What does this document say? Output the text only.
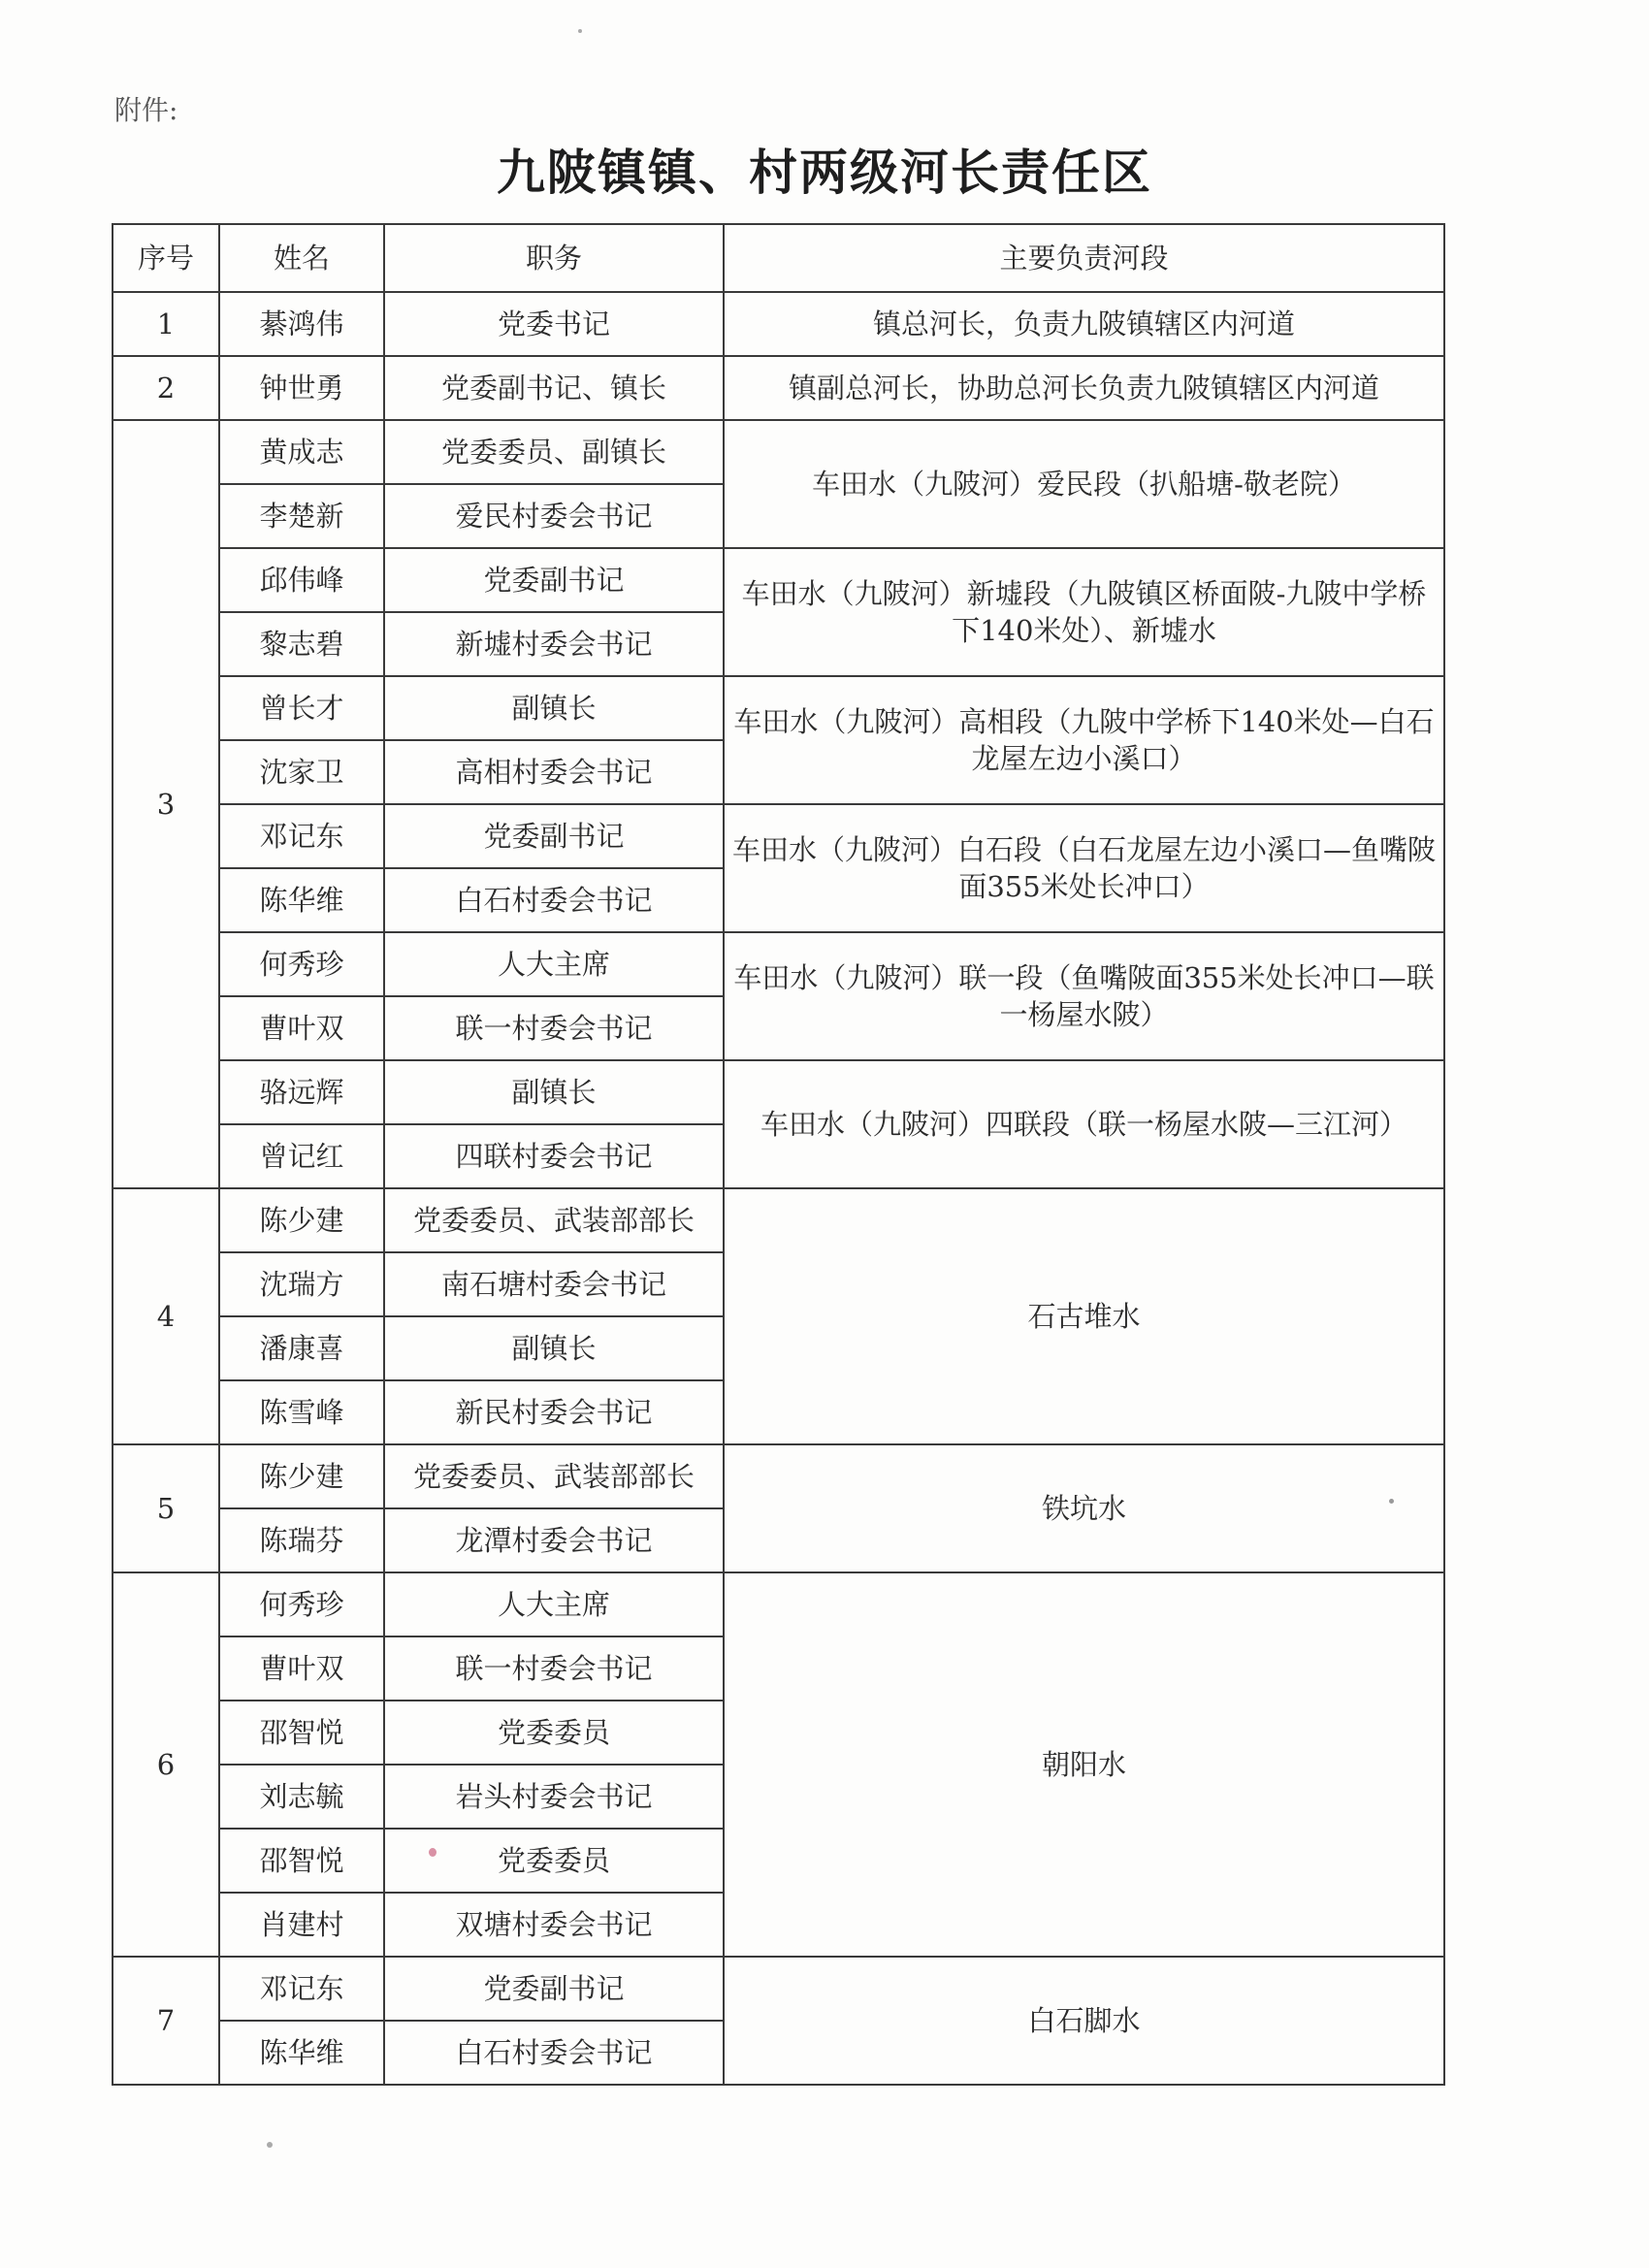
附件:
九陂镇镇、村两级河长责任区
序号	姓名	职务	主要负责河段
1	綦鸿伟	党委书记	镇总河长，负责九陂镇辖区内河道
2	钟世勇	党委副书记、镇长	镇副总河长，协助总河长负责九陂镇辖区内河道
3	黄成志	党委委员、副镇长	车田水（九陂河）爱民段（扒船塘-敬老院）
	李楚新	爱民村委会书记	
	邱伟峰	党委副书记	车田水（九陂河）新墟段（九陂镇区桥面陂-九陂中学桥下140米处）、新墟水
	黎志碧	新墟村委会书记	
	曾长才	副镇长	车田水（九陂河）高相段（九陂中学桥下140米处—白石龙屋左边小溪口）
	沈家卫	高相村委会书记	
	邓记东	党委副书记	车田水（九陂河）白石段（白石龙屋左边小溪口—鱼嘴陂面355米处长冲口）
	陈华维	白石村委会书记	
	何秀珍	人大主席	车田水（九陂河）联一段（鱼嘴陂面355米处长冲口—联一杨屋水陂）
	曹叶双	联一村委会书记	
	骆远辉	副镇长	车田水（九陂河）四联段（联一杨屋水陂—三江河）
	曾记红	四联村委会书记	
4	陈少建	党委委员、武装部部长	石古堆水
	沈瑞方	南石塘村委会书记	
	潘康喜	副镇长	
	陈雪峰	新民村委会书记	
5	陈少建	党委委员、武装部部长	铁坑水
	陈瑞芬	龙潭村委会书记	
6	何秀珍	人大主席	朝阳水
	曹叶双	联一村委会书记	
	邵智悦	党委委员	
	刘志毓	岩头村委会书记	
	邵智悦	党委委员	
	肖建村	双塘村委会书记	
7	邓记东	党委副书记	白石脚水
	陈华维	白石村委会书记	
